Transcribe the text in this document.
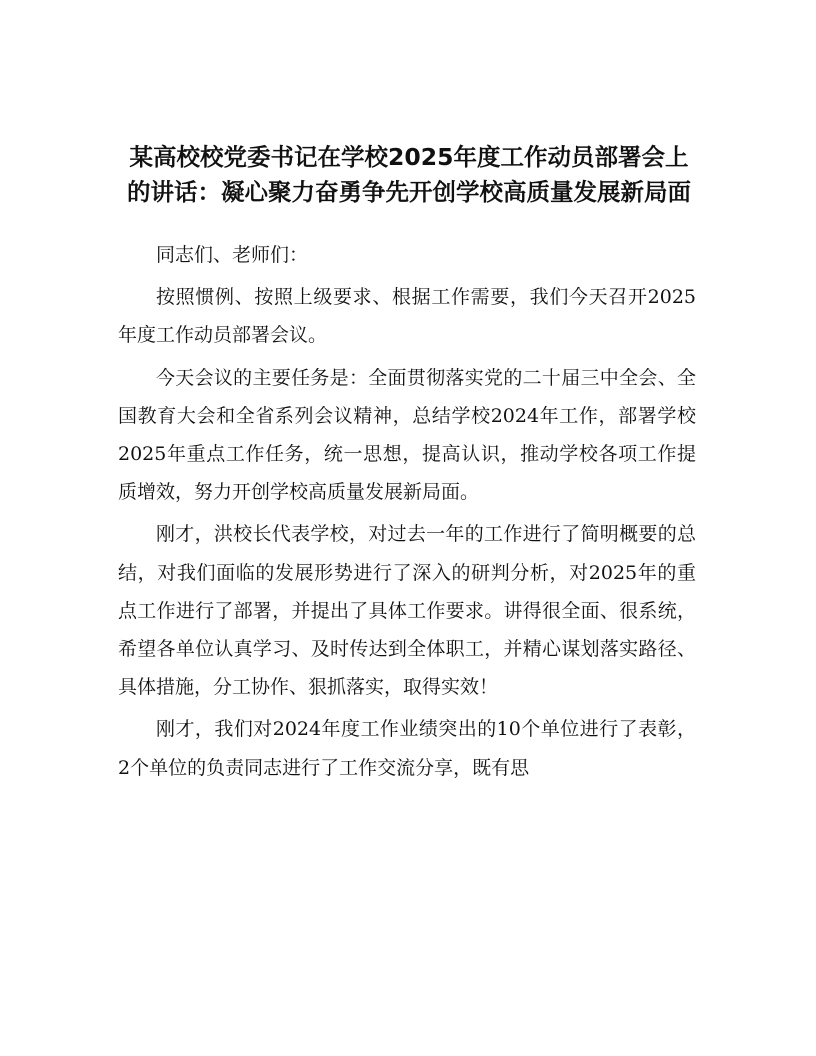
某高校校党委书记在学校2025年度工作动员部署会上的讲话：凝心聚力奋勇争先开创学校高质量发展新局面

同志们、老师们：

按照惯例、按照上级要求、根据工作需要，我们今天召开2025年度工作动员部署会议。

今天会议的主要任务是：全面贯彻落实党的二十届三中全会、全国教育大会和全省系列会议精神，总结学校2024年工作，部署学校2025年重点工作任务，统一思想，提高认识，推动学校各项工作提质增效，努力开创学校高质量发展新局面。

刚才，洪校长代表学校，对过去一年的工作进行了简明概要的总结，对我们面临的发展形势进行了深入的研判分析，对2025年的重点工作进行了部署，并提出了具体工作要求。讲得很全面、很系统，希望各单位认真学习、及时传达到全体职工，并精心谋划落实路径、具体措施，分工协作、狠抓落实，取得实效！

刚才，我们对2024年度工作业绩突出的10个单位进行了表彰，2个单位的负责同志进行了工作交流分享，既有思
